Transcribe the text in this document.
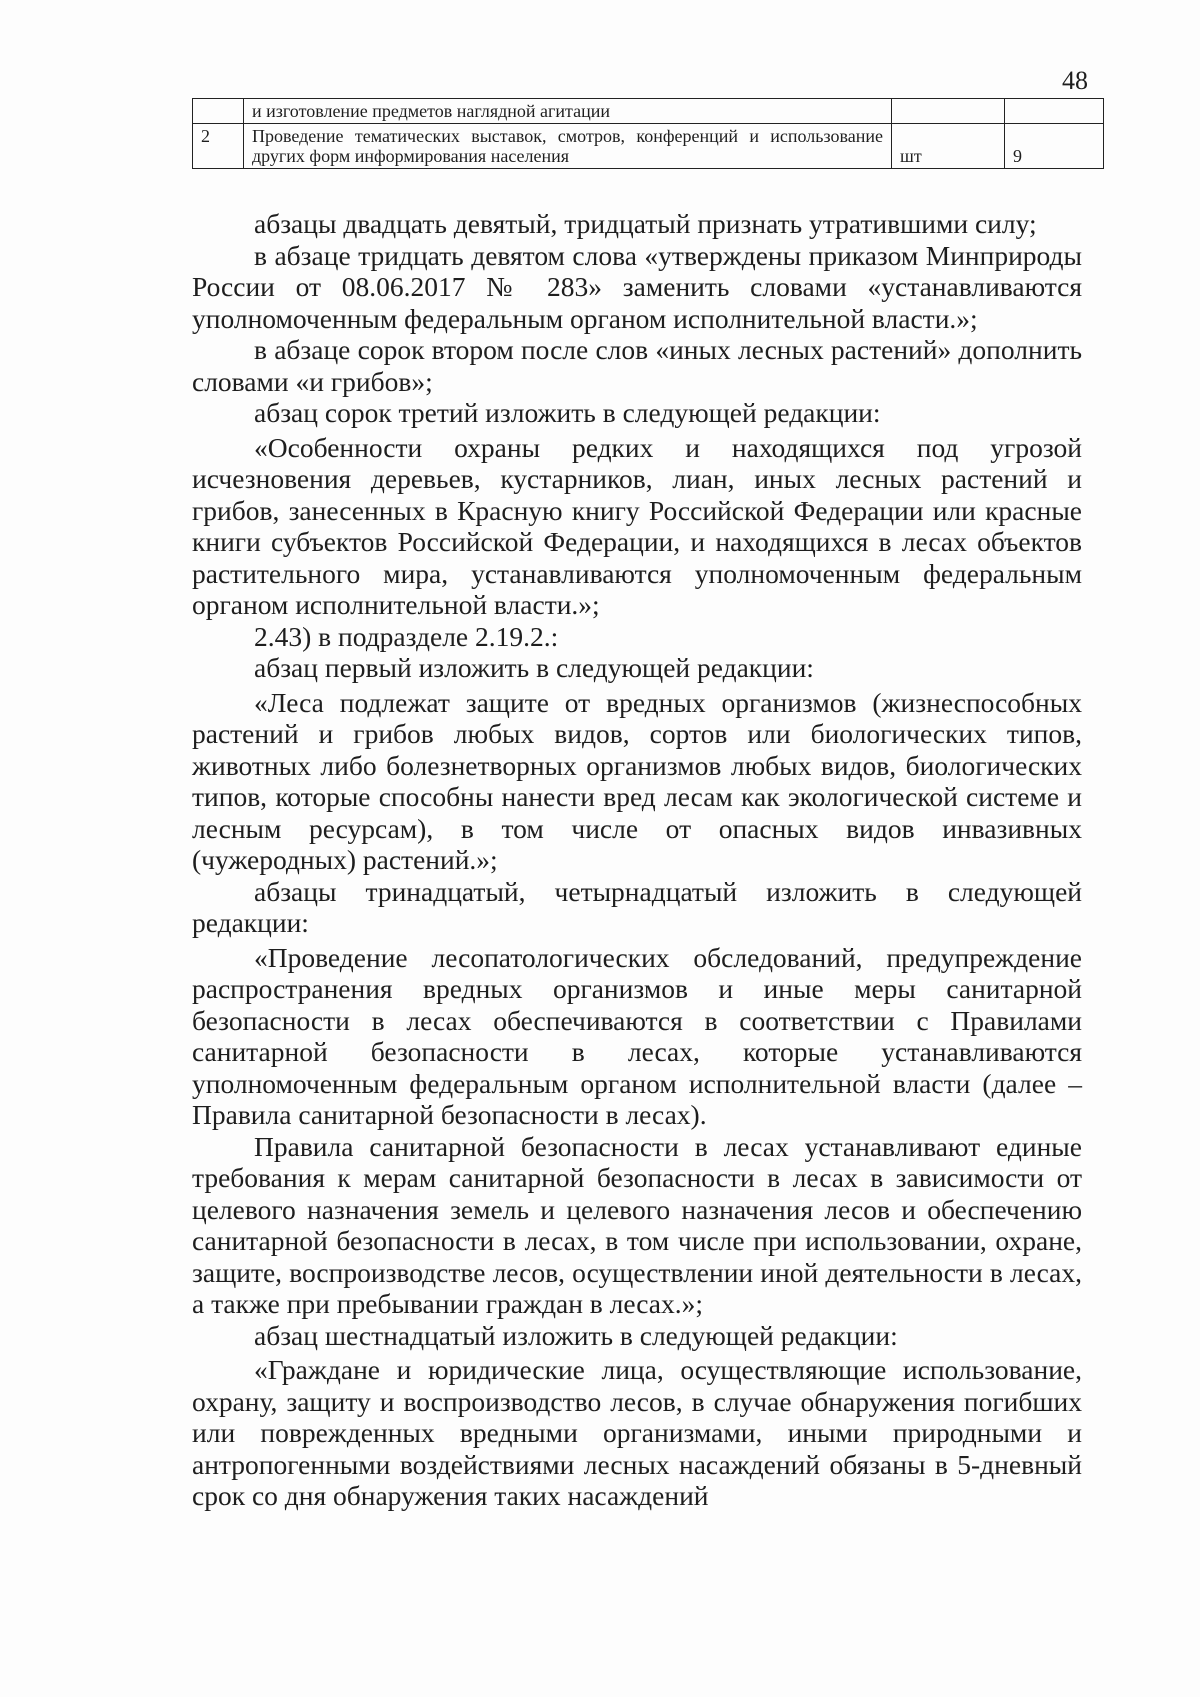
48
	и изготовление предметов наглядной агитации		
2	Проведение тематических выставок, смотров, конференций и использование других форм информирования населения	шт	9

абзацы двадцать девятый, тридцатый признать утратившими силу;

в абзаце тридцать девятом слова «утверждены приказом Минприроды России от 08.06.2017 № 283» заменить словами «устанавливаются уполномоченным федеральным органом исполнительной власти.»;

в абзаце сорок втором после слов «иных лесных растений» дополнить словами «и грибов»;

абзац сорок третий изложить в следующей редакции:

«Особенности охраны редких и находящихся под угрозой исчезновения деревьев, кустарников, лиан, иных лесных растений и грибов, занесенных в Красную книгу Российской Федерации или красные книги субъектов Российской Федерации, и находящихся в лесах объектов растительного мира, устанавливаются уполномоченным федеральным органом исполнительной власти.»;

2.43) в подразделе 2.19.2.:

абзац первый изложить в следующей редакции:

«Леса подлежат защите от вредных организмов (жизнеспособных растений и грибов любых видов, сортов или биологических типов, животных либо болезнетворных организмов любых видов, биологических типов, которые способны нанести вред лесам как экологической системе и лесным ресурсам), в том числе от опасных видов инвазивных (чужеродных) растений.»;

абзацы тринадцатый, четырнадцатый изложить в следующей редакции:

«Проведение лесопатологических обследований, предупреждение распространения вредных организмов и иные меры санитарной безопасности в лесах обеспечиваются в соответствии с Правилами санитарной безопасности в лесах, которые устанавливаются уполномоченным федеральным органом исполнительной власти (далее – Правила санитарной безопасности в лесах).

Правила санитарной безопасности в лесах устанавливают единые требования к мерам санитарной безопасности в лесах в зависимости от целевого назначения земель и целевого назначения лесов и обеспечению санитарной безопасности в лесах, в том числе при использовании, охране, защите, воспроизводстве лесов, осуществлении иной деятельности в лесах, а также при пребывании граждан в лесах.»;

абзац шестнадцатый изложить в следующей редакции:

«Граждане и юридические лица, осуществляющие использование, охрану, защиту и воспроизводство лесов, в случае обнаружения погибших или поврежденных вредными организмами, иными природными и антропогенными воздействиями лесных насаждений обязаны в 5-дневный срок со дня обнаружения таких насаждений
